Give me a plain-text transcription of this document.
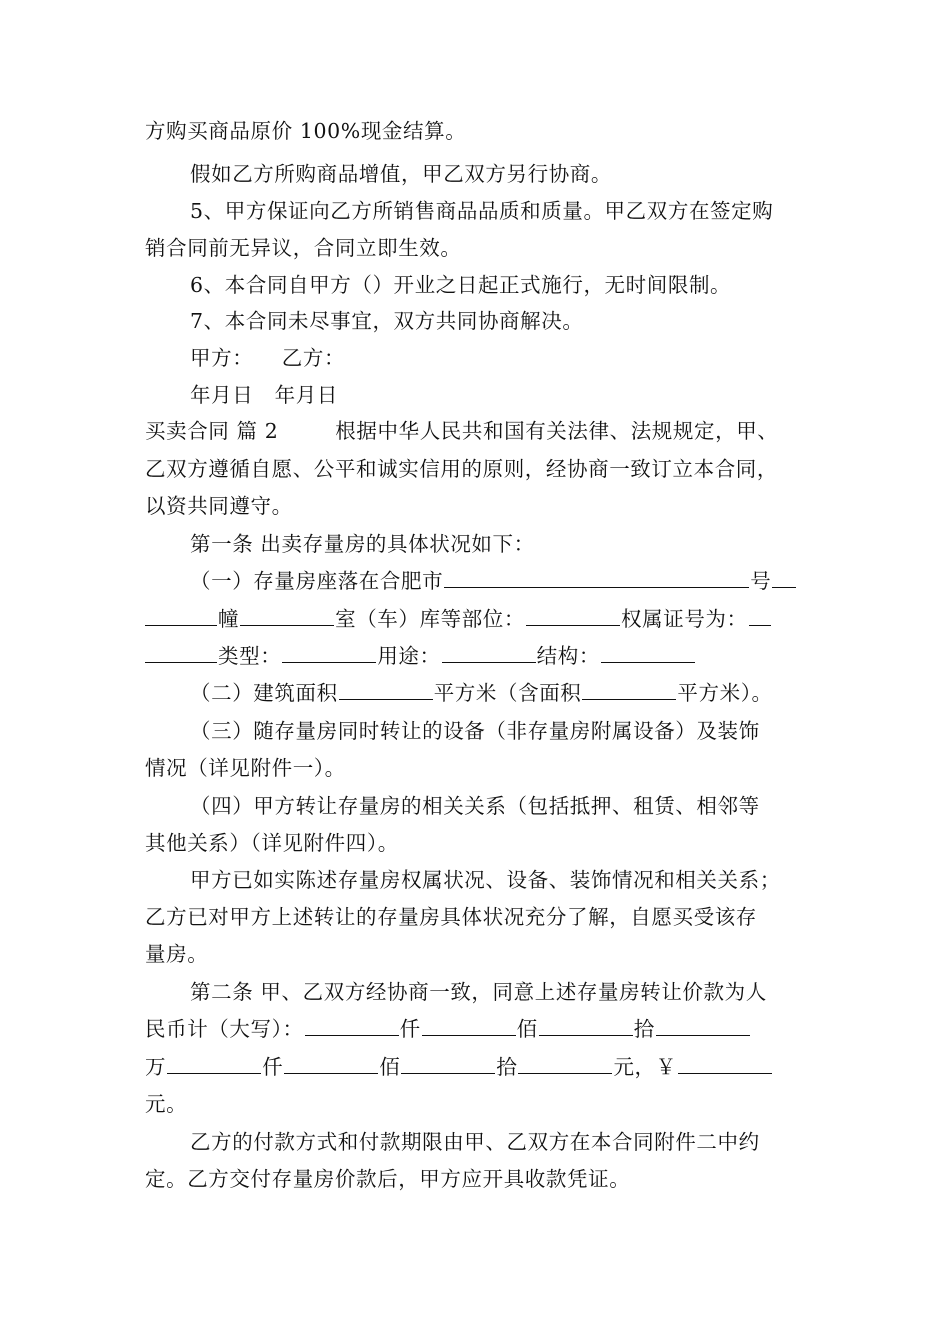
方购买商品原价 100%现金结算。
假如乙方所购商品增值，甲乙双方另行协商。
5、甲方保证向乙方所销售商品品质和质量。甲乙双方在签定购
销合同前无异议，合同立即生效。
6、本合同自甲方（）开业之日起正式施行，无时间限制。
7、本合同未尽事宜，双方共同协商解决。
甲方：    乙方：
年月日   年月日
买卖合同 篇 2        根据中华人民共和国有关法律、法规规定，甲、
乙双方遵循自愿、公平和诚实信用的原则，经协商一致订立本合同，
以资共同遵守。
第一条 出卖存量房的具体状况如下：
（一）存量房座落在合肥市	号
幢	室（车）库等部位：	权属证号为：
类型：	用途：	结构：
（二）建筑面积	平方米（含面积	平方米）。
（三）随存量房同时转让的设备（非存量房附属设备）及装饰
情况（详见附件一）。
（四）甲方转让存量房的相关关系（包括抵押、租赁、相邻等
其他关系）（详见附件四）。
甲方已如实陈述存量房权属状况、设备、装饰情况和相关关系；
乙方已对甲方上述转让的存量房具体状况充分了解，自愿买受该存
量房。
第二条 甲、乙双方经协商一致，同意上述存量房转让价款为人
民币计（大写）：	仟	佰	拾
万	仟	佰	拾	元，￥
元。
乙方的付款方式和付款期限由甲、乙双方在本合同附件二中约
定。乙方交付存量房价款后，甲方应开具收款凭证。
